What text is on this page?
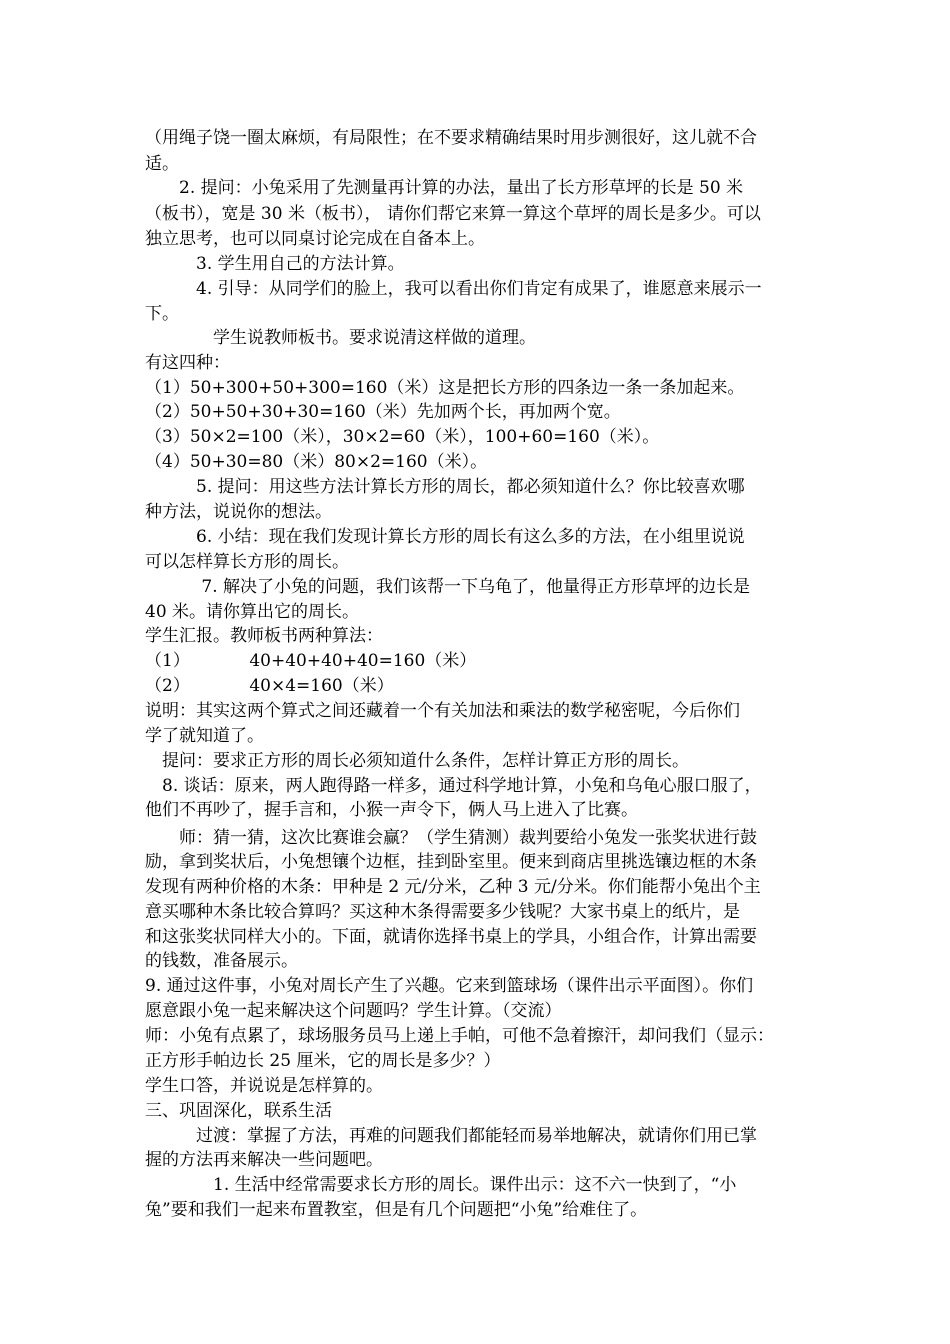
（用绳子饶一圈太麻烦，有局限性；在不要求精确结果时用步测很好，这儿就不合
适。
　　2. 提问：小兔采用了先测量再计算的办法，量出了长方形草坪的长是 50 米
（板书），宽是 30 米（板书）， 请你们帮它来算一算这个草坪的周长是多少。可以
独立思考，也可以同桌讨论完成在自备本上。
　　　3. 学生用自己的方法计算。
　　　4. 引导：从同学们的脸上，我可以看出你们肯定有成果了，谁愿意来展示一
下。
　　　　学生说教师板书。要求说清这样做的道理。
有这四种：
（1）50+300+50+300=160（米）这是把长方形的四条边一条一条加起来。
（2）50+50+30+30=160（米）先加两个长，再加两个宽。
（3）50×2=100（米），30×2=60（米），100+60=160（米）。
（4）50+30=80（米）80×2=160（米）。
　　　5. 提问：用这些方法计算长方形的周长，都必须知道什么？你比较喜欢哪
种方法，说说你的想法。
　　　6. 小结：现在我们发现计算长方形的周长有这么多的方法，在小组里说说
可以怎样算长方形的周长。
　　　 7. 解决了小兔的问题，我们该帮一下乌龟了，他量得正方形草坪的边长是
40 米。请你算出它的周长。
学生汇报。教师板书两种算法：
（1）　　　　40+40+40+40=160（米）
（2）　　　　40×4=160（米）
说明：其实这两个算式之间还藏着一个有关加法和乘法的数学秘密呢，今后你们
学了就知道了。
　提问：要求正方形的周长必须知道什么条件，怎样计算正方形的周长。
　8. 谈话：原来，两人跑得路一样多，通过科学地计算，小兔和乌龟心服口服了，
他们不再吵了，握手言和，小猴一声令下，俩人马上进入了比赛。
　　师：猜一猜，这次比赛谁会赢？（学生猜测）裁判要给小兔发一张奖状进行鼓
励，拿到奖状后，小兔想镶个边框，挂到卧室里。便来到商店里挑选镶边框的木条
发现有两种价格的木条：甲种是 2 元/分米，乙种 3 元/分米。你们能帮小兔出个主
意买哪种木条比较合算吗？买这种木条得需要多少钱呢？大家书桌上的纸片，是
和这张奖状同样大小的。下面，就请你选择书桌上的学具，小组合作，计算出需要
的钱数，准备展示。
9. 通过这件事，小兔对周长产生了兴趣。它来到篮球场（课件出示平面图）。你们
愿意跟小兔一起来解决这个问题吗？学生计算。（交流）
师：小兔有点累了，球场服务员马上递上手帕，可他不急着擦汗，却问我们（显示：
正方形手帕边长 25 厘米，它的周长是多少？）
学生口答，并说说是怎样算的。
三、巩固深化，联系生活
　　　过渡：掌握了方法，再难的问题我们都能轻而易举地解决，就请你们用已掌
握的方法再来解决一些问题吧。
　　　　1. 生活中经常需要求长方形的周长。课件出示：这不六一快到了，“小
兔”要和我们一起来布置教室，但是有几个问题把“小兔”给难住了。
